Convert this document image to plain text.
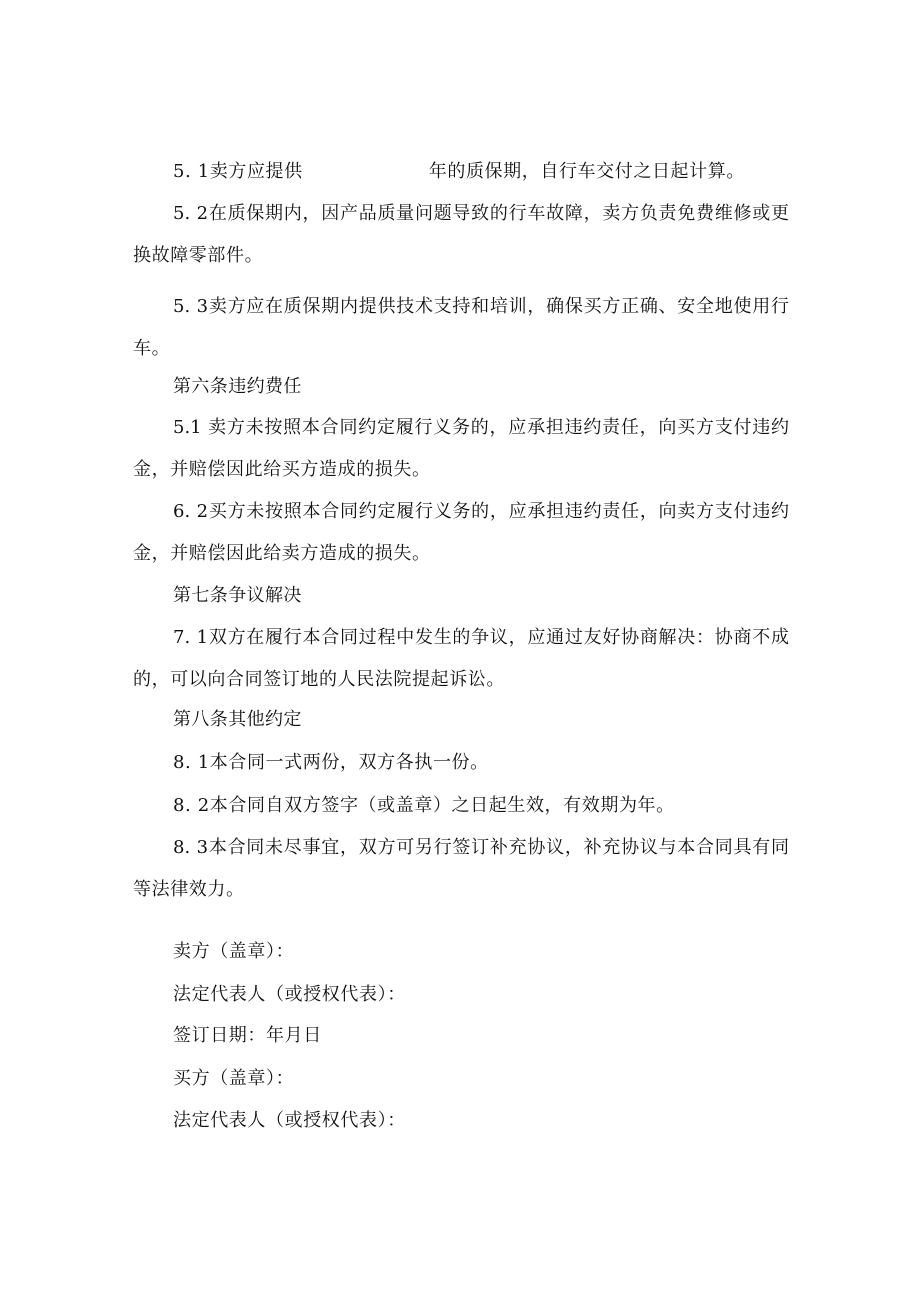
5. 1卖方应提供	年的质保期，自行车交付之日起计算。
5. 2在质保期内，因产品质量问题导致的行车故障，卖方负责免费维修或更
换故障零部件。
5. 3卖方应在质保期内提供技术支持和培训，确保买方正确、安全地使用行
车。
第六条违约费任
5.1 卖方未按照本合同约定履行义务的，应承担违约责任，向买方支付违约
金，并赔偿因此给买方造成的损失。
6. 2买方未按照本合同约定履行义务的，应承担违约责任，向卖方支付违约
金，并赔偿因此给卖方造成的损失。
第七条争议解决
7. 1双方在履行本合同过程中发生的争议，应通过友好协商解决：协商不成
的，可以向合同签订地的人民法院提起诉讼。
第八条其他约定
8. 1本合同一式两份，双方各执一份。
8. 2本合同自双方签字（或盖章）之日起生效，有效期为年。
8. 3本合同未尽事宜，双方可另行签订补充协议，补充协议与本合同具有同
等法律效力。
卖方（盖章）：
法定代表人（或授权代表）：
签订日期：年月日
买方（盖章）：
法定代表人（或授权代表）：
